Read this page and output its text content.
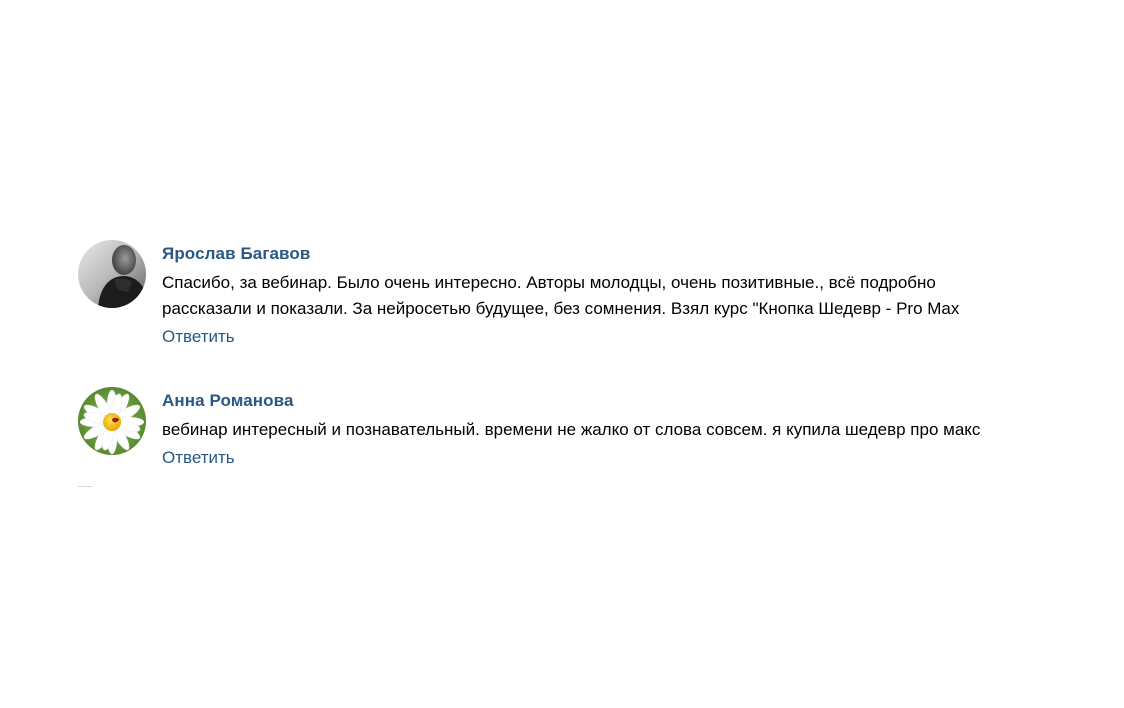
Ярослав Багавов
Спасибо, за вебинар. Было очень интересно. Авторы молодцы, очень позитивные., всё подробно
рассказали и показали. За нейросетью будущее, без сомнения. Взял курс "Кнопка Шедевр - Pro Max
Ответить
Анна Романова
вебинар интересный и познавательный. времени не жалко от слова совсем. я купила шедевр про макс
Ответить
